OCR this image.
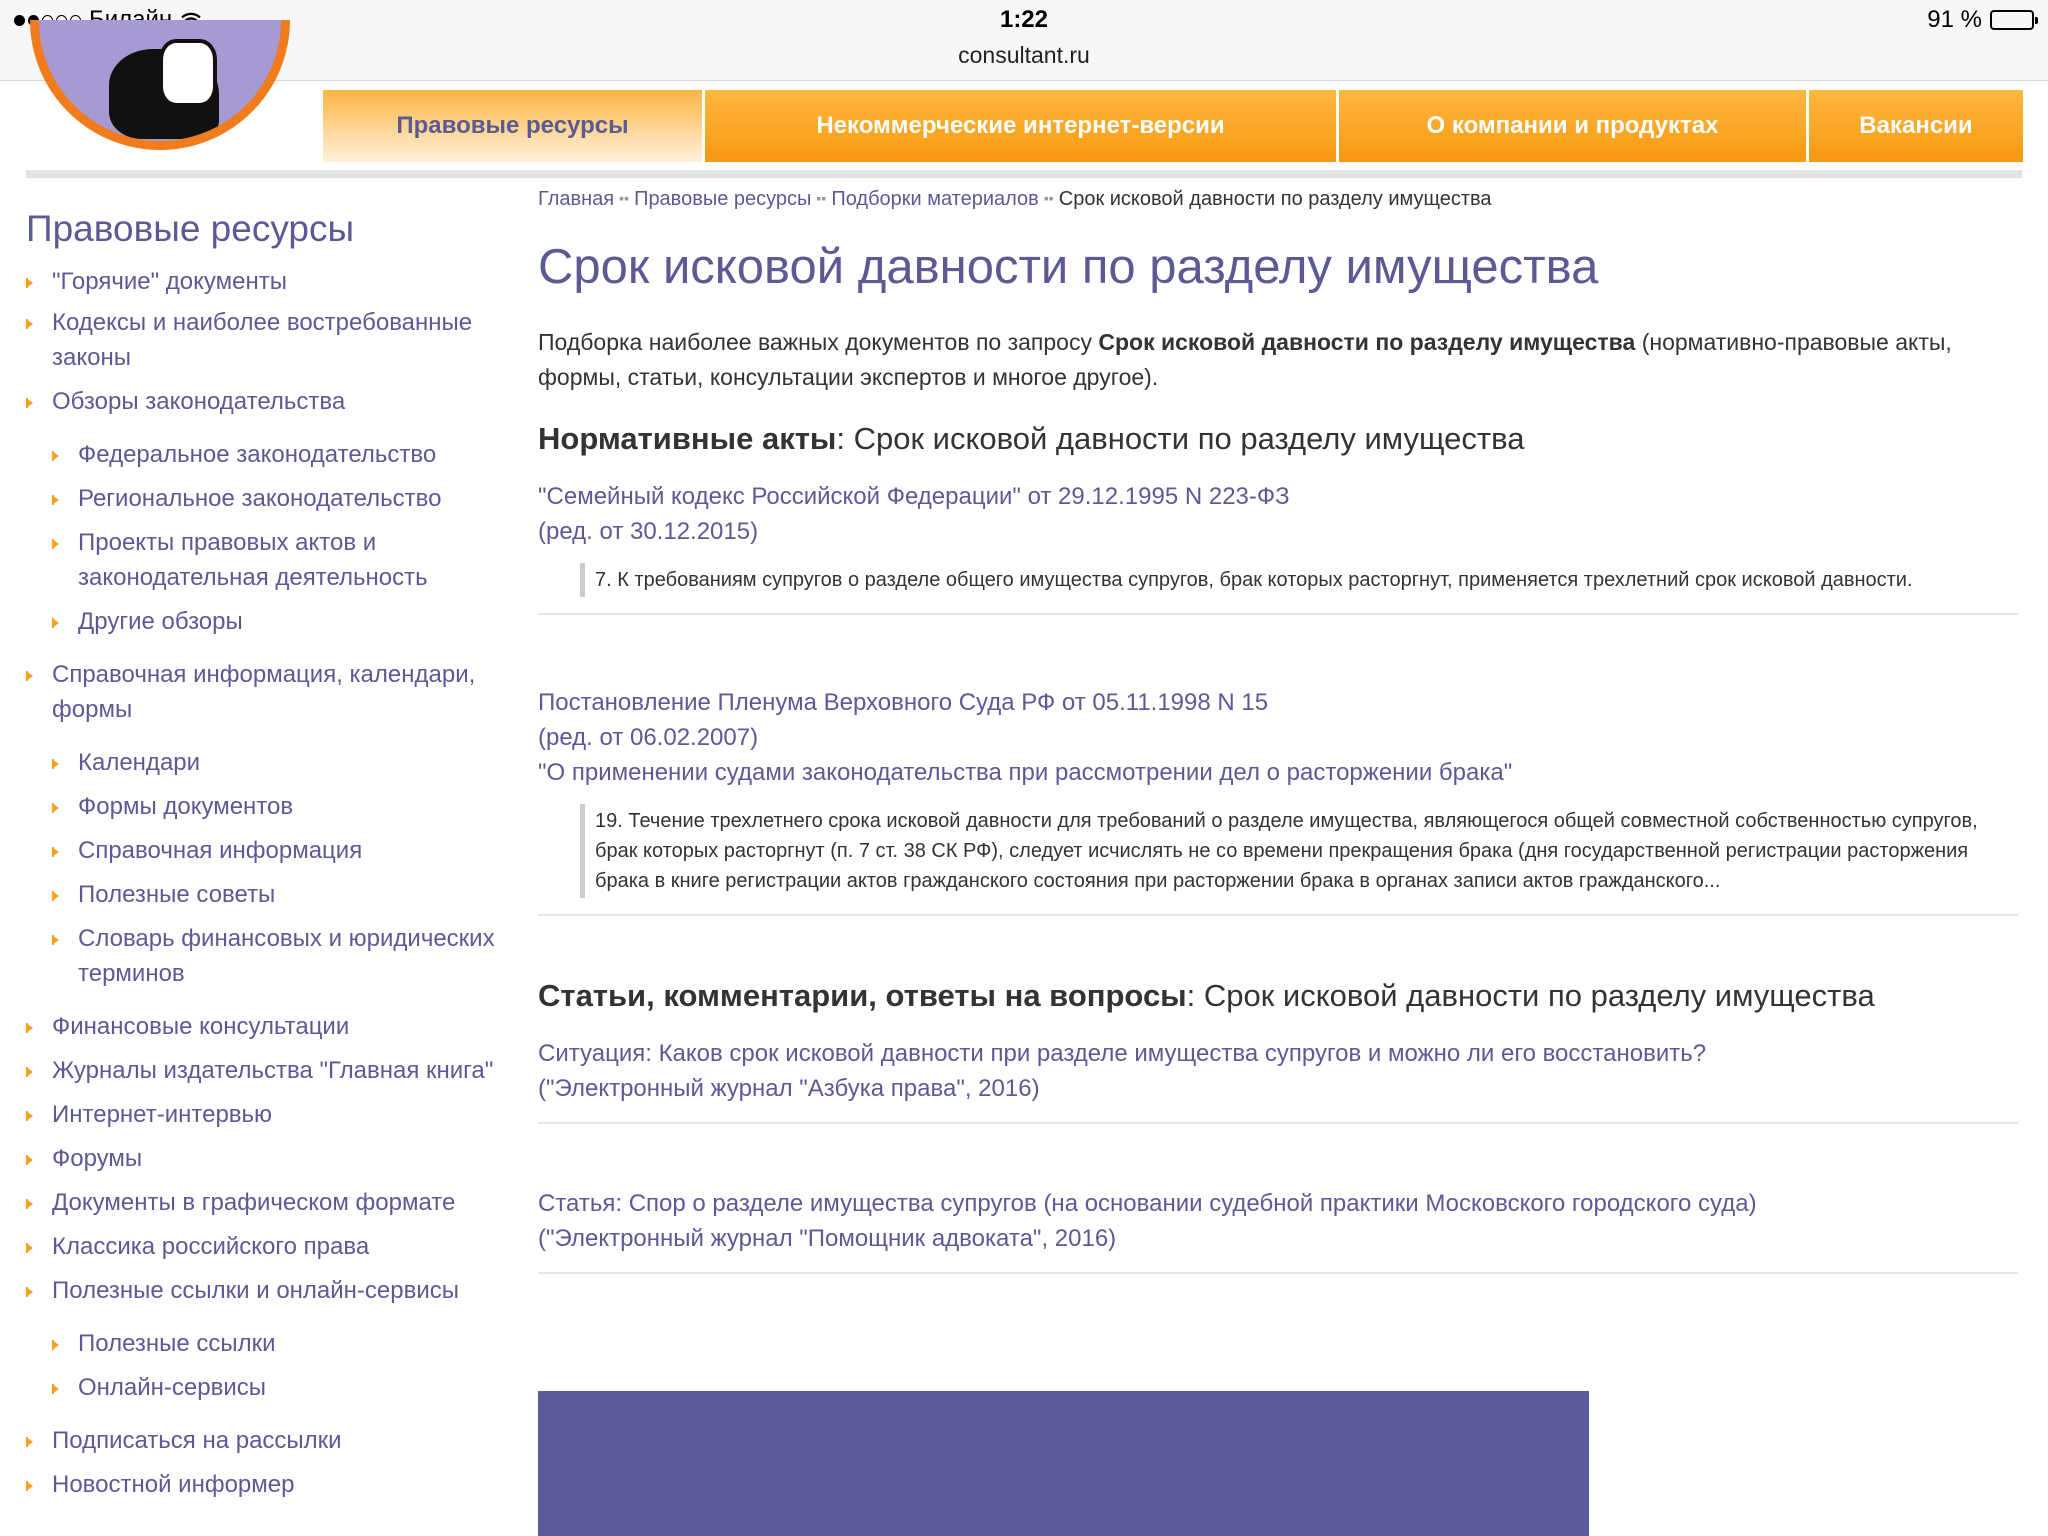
1:22
consultant.ru
91 %
Правовые ресурсы	Некоммерческие интернет-версии	О компании и продуктах	Вакансии
Правовые ресурсы
"Горячие" документы
Кодексы и наиболее востребованные законы
Обзоры законодательства
Федеральное законодательство
Региональное законодательство
Проекты правовых актов и законодательная деятельность
Другие обзоры
Справочная информация, календари, формы
Календари
Формы документов
Справочная информация
Полезные советы
Словарь финансовых и юридических терминов
Финансовые консультации
Журналы издательства "Главная книга"
Интернет-интервью
Форумы
Документы в графическом формате
Классика российского права
Полезные ссылки и онлайн-сервисы
Полезные ссылки
Онлайн-сервисы
Подписаться на рассылки
Новостной информер
Главная ▪▪ Правовые ресурсы ▪▪ Подборки материалов ▪▪ Срок исковой давности по разделу имущества
Срок исковой давности по разделу имущества

Подборка наиболее важных документов по запросу Срок исковой давности по разделу имущества (нормативно-правовые акты, формы, статьи, консультации экспертов и многое другое).

Нормативные акты: Срок исковой давности по разделу имущества
"Семейный кодекс Российской Федерации" от 29.12.1995 N 223-ФЗ
(ред. от 30.12.2015)
7. К требованиям супругов о разделе общего имущества супругов, брак которых расторгнут, применяется трехлетний срок исковой давности.
Постановление Пленума Верховного Суда РФ от 05.11.1998 N 15
(ред. от 06.02.2007)
"О применении судами законодательства при рассмотрении дел о расторжении брака"
19. Течение трехлетнего срока исковой давности для требований о разделе имущества, являющегося общей совместной собственностью супругов, брак которых расторгнут (п. 7 ст. 38 СК РФ), следует исчислять не со времени прекращения брака (дня государственной регистрации расторжения брака в книге регистрации актов гражданского состояния при расторжении брака в органах записи актов гражданского...
Статьи, комментарии, ответы на вопросы: Срок исковой давности по разделу имущества
Ситуация: Каков срок исковой давности при разделе имущества супругов и можно ли его восстановить?
("Электронный журнал "Азбука права", 2016)
Статья: Спор о разделе имущества супругов (на основании судебной практики Московского городского суда)
("Электронный журнал "Помощник адвоката", 2016)
